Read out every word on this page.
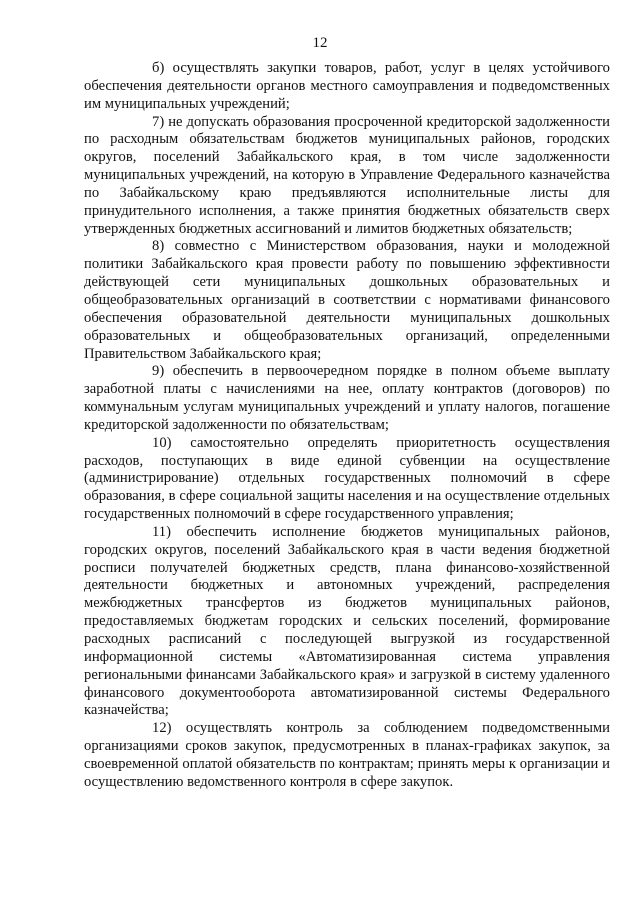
12

б) осуществлять закупки товаров, работ, услуг в целях устойчивого обеспечения деятельности органов местного самоуправления и подведомственных им муниципальных учреждений;

7) не допускать образования просроченной кредиторской задолженности по расходным обязательствам бюджетов муниципальных районов, городских округов, поселений Забайкальского края, в том числе задолженности муниципальных учреждений, на которую в Управление Федерального казначейства по Забайкальскому краю предъявляются исполнительные листы для принудительного исполнения, а также принятия бюджетных обязательств сверх утвержденных бюджетных ассигнований и лимитов бюджетных обязательств;

8) совместно с Министерством образования, науки и молодежной политики Забайкальского края провести работу по повышению эффективности действующей сети муниципальных дошкольных образовательных и общеобразовательных организаций в соответствии с нормативами финансового обеспечения образовательной деятельности муниципальных дошкольных образовательных и общеобразовательных организаций, определенными Правительством Забайкальского края;

9) обеспечить в первоочередном порядке в полном объеме выплату заработной платы с начислениями на нее, оплату контрактов (договоров) по коммунальным услугам муниципальных учреждений и уплату налогов, погашение кредиторской задолженности по обязательствам;

10) самостоятельно определять приоритетность осуществления расходов, поступающих в виде единой субвенции на осуществление (администрирование) отдельных государственных полномочий в сфере образования, в сфере социальной защиты населения и на осуществление отдельных государственных полномочий в сфере государственного управления;

11) обеспечить исполнение бюджетов муниципальных районов, городских округов, поселений Забайкальского края в части ведения бюджетной росписи получателей бюджетных средств, плана финансово-хозяйственной деятельности бюджетных и автономных учреждений, распределения межбюджетных трансфертов из бюджетов муниципальных районов, предоставляемых бюджетам городских и сельских поселений, формирование расходных расписаний с последующей выгрузкой из государственной информационной системы «Автоматизированная система управления региональными финансами Забайкальского края» и загрузкой в систему удаленного финансового документооборота автоматизированной системы Федерального казначейства;

12) осуществлять контроль за соблюдением подведомственными организациями сроков закупок, предусмотренных в планах-графиках закупок, за своевременной оплатой обязательств по контрактам; принять меры к организации и осуществлению ведомственного контроля в сфере закупок.
